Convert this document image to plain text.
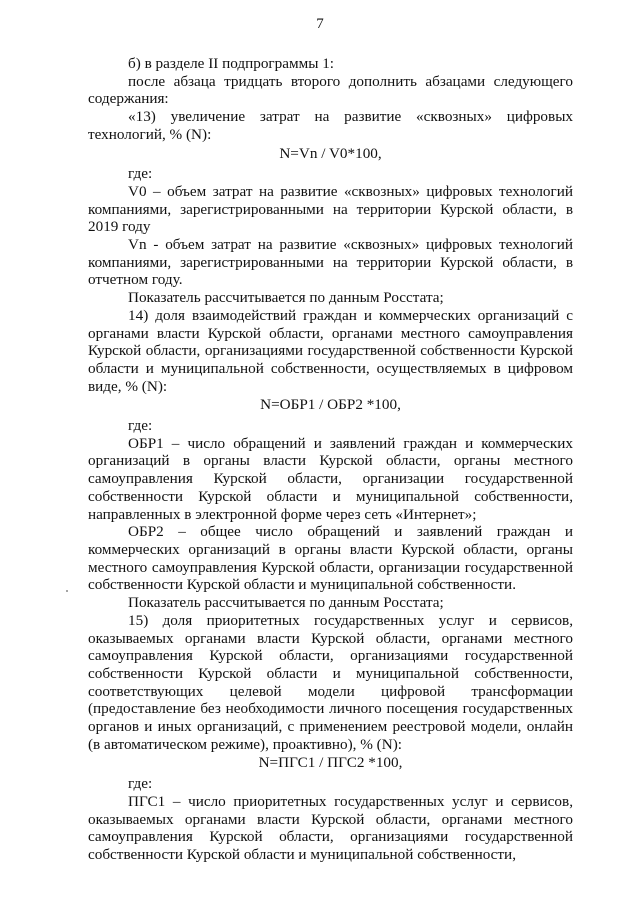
7

б) в разделе II подпрограммы 1:

после абзаца тридцать второго дополнить абзацами следующего содержания:

«13) увеличение затрат на развитие «сквозных» цифровых технологий, % (N):

N=Vn / V0*100,

где:

V0 – объем затрат на развитие «сквозных» цифровых технологий компаниями, зарегистрированными на территории Курской области, в 2019 году

Vn - объем затрат на развитие «сквозных» цифровых технологий компаниями, зарегистрированными на территории Курской области, в отчетном году.

Показатель рассчитывается по данным Росстата;

14) доля взаимодействий граждан и коммерческих организаций с органами власти Курской области, органами местного самоуправления Курской области, организациями государственной собственности Курской области и муниципальной собственности, осуществляемых в цифровом виде, % (N):

N=ОБР1 / ОБР2 *100,

где:

ОБР1 – число обращений и заявлений граждан и коммерческих организаций в органы власти Курской области, органы местного самоуправления Курской области, организации государственной собственности Курской области и муниципальной собственности, направленных в электронной форме через сеть «Интернет»;

ОБР2 – общее число обращений и заявлений граждан и коммерческих организаций в органы власти Курской области, органы местного самоуправления Курской области, организации государственной собственности Курской области и муниципальной собственности.

Показатель рассчитывается по данным Росстата;

15) доля приоритетных государственных услуг и сервисов, оказываемых органами власти Курской области, органами местного самоуправления Курской области, организациями государственной собственности Курской области и муниципальной собственности, соответствующих целевой модели цифровой трансформации (предоставление без необходимости личного посещения государственных органов и иных организаций, с применением реестровой модели, онлайн (в автоматическом режиме), проактивно), % (N):

N=ПГС1 / ПГС2 *100,

где:

ПГС1 – число приоритетных государственных услуг и сервисов, оказываемых органами власти Курской области, органами местного самоуправления Курской области, организациями государственной собственности Курской области и муниципальной собственности,
